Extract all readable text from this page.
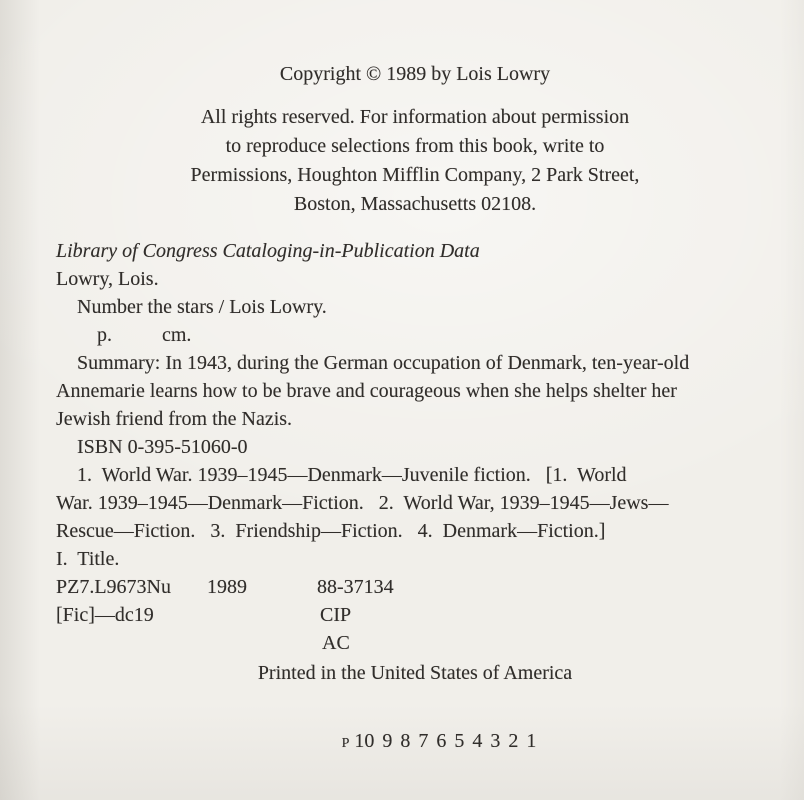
Copyright © 1989 by Lois Lowry
All rights reserved. For information about permission
to reproduce selections from this book, write to
Permissions, Houghton Mifflin Company, 2 Park Street,
Boston, Massachusetts 02108.
Library of Congress Cataloging-in-Publication Data
Lowry, Lois.
Number the stars / Lois Lowry.
p.          cm.
Summary: In 1943, during the German occupation of Denmark, ten-year-old
Annemarie learns how to be brave and courageous when she helps shelter her
Jewish friend from the Nazis.
ISBN 0-395-51060-0
1.  World War. 1939–1945—Denmark—Juvenile fiction.   [1.  World
War. 1939–1945—Denmark—Fiction.   2.  World War, 1939–1945—Jews—
Rescue—Fiction.   3.  Friendship—Fiction.   4.  Denmark—Fiction.]
I.  Title.
PZ7.L9673Nu 1989	88-37134
[Fic]—dc19	CIP
AC
Printed in the United States of America

P 10 9 8 7 6 5 4 3 2 1
